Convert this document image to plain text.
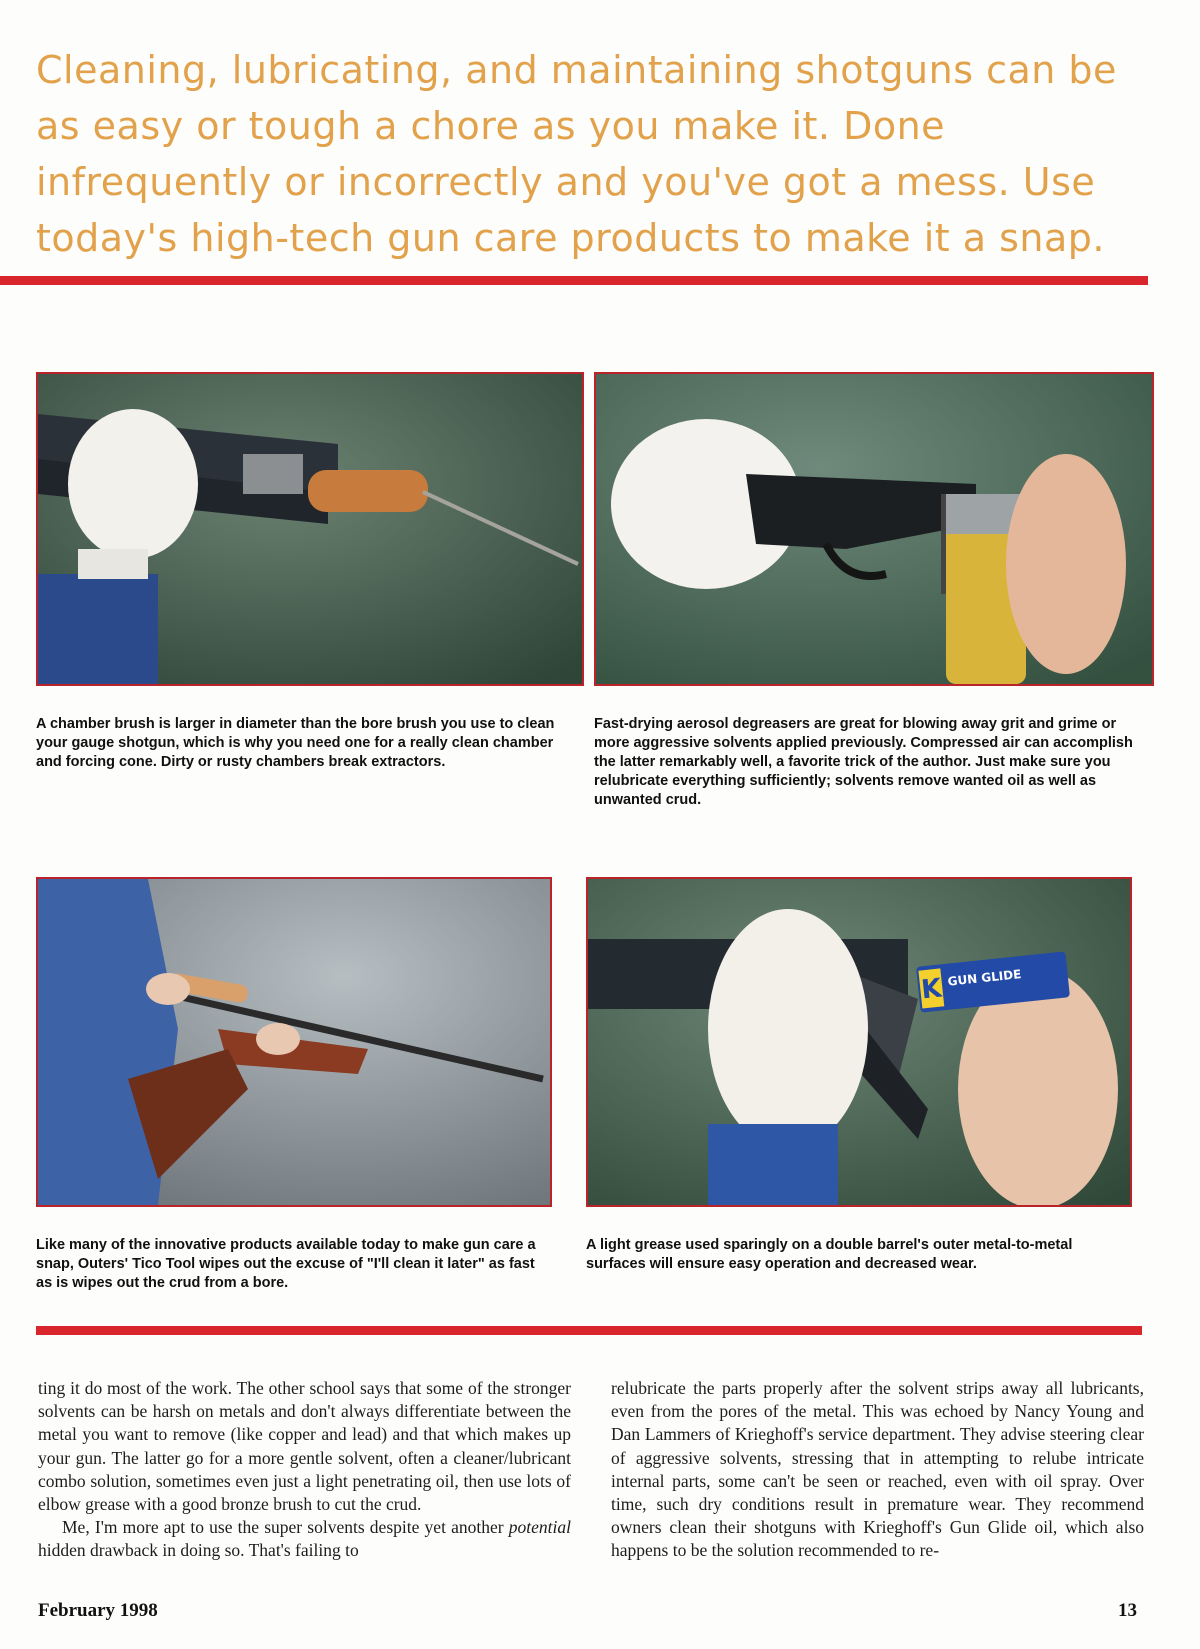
Cleaning, lubricating, and maintaining shotguns can be as easy or tough a chore as you make it. Done infrequently or incorrectly and you've got a mess. Use today's high-tech gun care products to make it a snap.
A chamber brush is larger in diameter than the bore brush you use to clean your gauge shotgun, which is why you need one for a really clean chamber and forcing cone. Dirty or rusty chambers break extractors.
Fast-drying aerosol degreasers are great for blowing away grit and grime or more aggressive solvents applied previously. Compressed air can accomplish the latter remarkably well, a favorite trick of the author. Just make sure you relubricate everything sufficiently; solvents remove wanted oil as well as unwanted crud.
Like many of the innovative products available today to make gun care a snap, Outers' Tico Tool wipes out the excuse of "I'll clean it later" as fast as is wipes out the crud from a bore.
K GUN GLIDE
A light grease used sparingly on a double barrel's outer metal-to-metal surfaces will ensure easy operation and decreased wear.

ting it do most of the work. The other school says that some of the stronger solvents can be harsh on metals and don't always differentiate between the metal you want to remove (like copper and lead) and that which makes up your gun. The latter go for a more gentle solvent, often a cleaner/lubricant combo solution, sometimes even just a light penetrating oil, then use lots of elbow grease with a good bronze brush to cut the crud.

Me, I'm more apt to use the super solvents despite yet another potential hidden drawback in doing so. That's failing to

relubricate the parts properly after the solvent strips away all lubricants, even from the pores of the metal. This was echoed by Nancy Young and Dan Lammers of Krieghoff's service department. They advise steering clear of aggressive solvents, stressing that in attempting to relube intricate internal parts, some can't be seen or reached, even with oil spray. Over time, such dry conditions result in premature wear. They recommend owners clean their shotguns with Krieghoff's Gun Glide oil, which also happens to be the solution recommended to re-

February 1998	13
